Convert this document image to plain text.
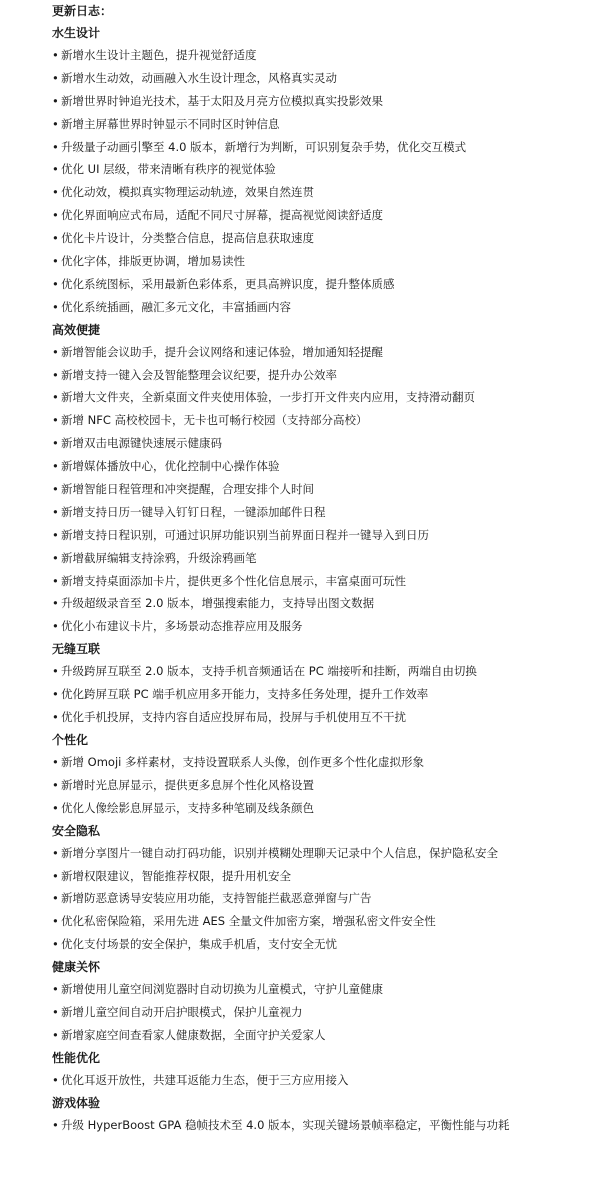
更新日志：
水生设计
• 新增水生设计主题色，提升视觉舒适度
• 新增水生动效，动画融入水生设计理念，风格真实灵动
• 新增世界时钟追光技术，基于太阳及月亮方位模拟真实投影效果
• 新增主屏幕世界时钟显示不同时区时钟信息
• 升级量子动画引擎至 4.0 版本，新增行为判断，可识别复杂手势，优化交互模式
• 优化 UI 层级，带来清晰有秩序的视觉体验
• 优化动效，模拟真实物理运动轨迹，效果自然连贯
• 优化界面响应式布局，适配不同尺寸屏幕，提高视觉阅读舒适度
• 优化卡片设计，分类整合信息，提高信息获取速度
• 优化字体，排版更协调，增加易读性
• 优化系统图标，采用最新色彩体系，更具高辨识度，提升整体质感
• 优化系统插画，融汇多元文化，丰富插画内容
高效便捷
• 新增智能会议助手，提升会议网络和速记体验，增加通知轻提醒
• 新增支持一键入会及智能整理会议纪要，提升办公效率
• 新增大文件夹，全新桌面文件夹使用体验，一步打开文件夹内应用，支持滑动翻页
• 新增 NFC 高校校园卡，无卡也可畅行校园（支持部分高校）
• 新增双击电源键快速展示健康码
• 新增媒体播放中心，优化控制中心操作体验
• 新增智能日程管理和冲突提醒，合理安排个人时间
• 新增支持日历一键导入钉钉日程，一键添加邮件日程
• 新增支持日程识别，可通过识屏功能识别当前界面日程并一键导入到日历
• 新增截屏编辑支持涂鸦，升级涂鸦画笔
• 新增支持桌面添加卡片，提供更多个性化信息展示，丰富桌面可玩性
• 升级超级录音至 2.0 版本，增强搜索能力，支持导出图文数据
• 优化小布建议卡片，多场景动态推荐应用及服务
无缝互联
• 升级跨屏互联至 2.0 版本，支持手机音频通话在 PC 端接听和挂断，两端自由切换
• 优化跨屏互联 PC 端手机应用多开能力，支持多任务处理，提升工作效率
• 优化手机投屏，支持内容自适应投屏布局，投屏与手机使用互不干扰
个性化
• 新增 Omoji 多样素材，支持设置联系人头像，创作更多个性化虚拟形象
• 新增时光息屏显示，提供更多息屏个性化风格设置
• 优化人像绘影息屏显示，支持多种笔刷及线条颜色
安全隐私
• 新增分享图片一键自动打码功能，识别并模糊处理聊天记录中个人信息，保护隐私安全
• 新增权限建议，智能推荐权限，提升用机安全
• 新增防恶意诱导安装应用功能，支持智能拦截恶意弹窗与广告
• 优化私密保险箱，采用先进 AES 全量文件加密方案，增强私密文件安全性
• 优化支付场景的安全保护，集成手机盾，支付安全无忧
健康关怀
• 新增使用儿童空间浏览器时自动切换为儿童模式，守护儿童健康
• 新增儿童空间自动开启护眼模式，保护儿童视力
• 新增家庭空间查看家人健康数据，全面守护关爱家人
性能优化
• 优化耳返开放性，共建耳返能力生态，便于三方应用接入
游戏体验
• 升级 HyperBoost GPA 稳帧技术至 4.0 版本，实现关键场景帧率稳定，平衡性能与功耗
